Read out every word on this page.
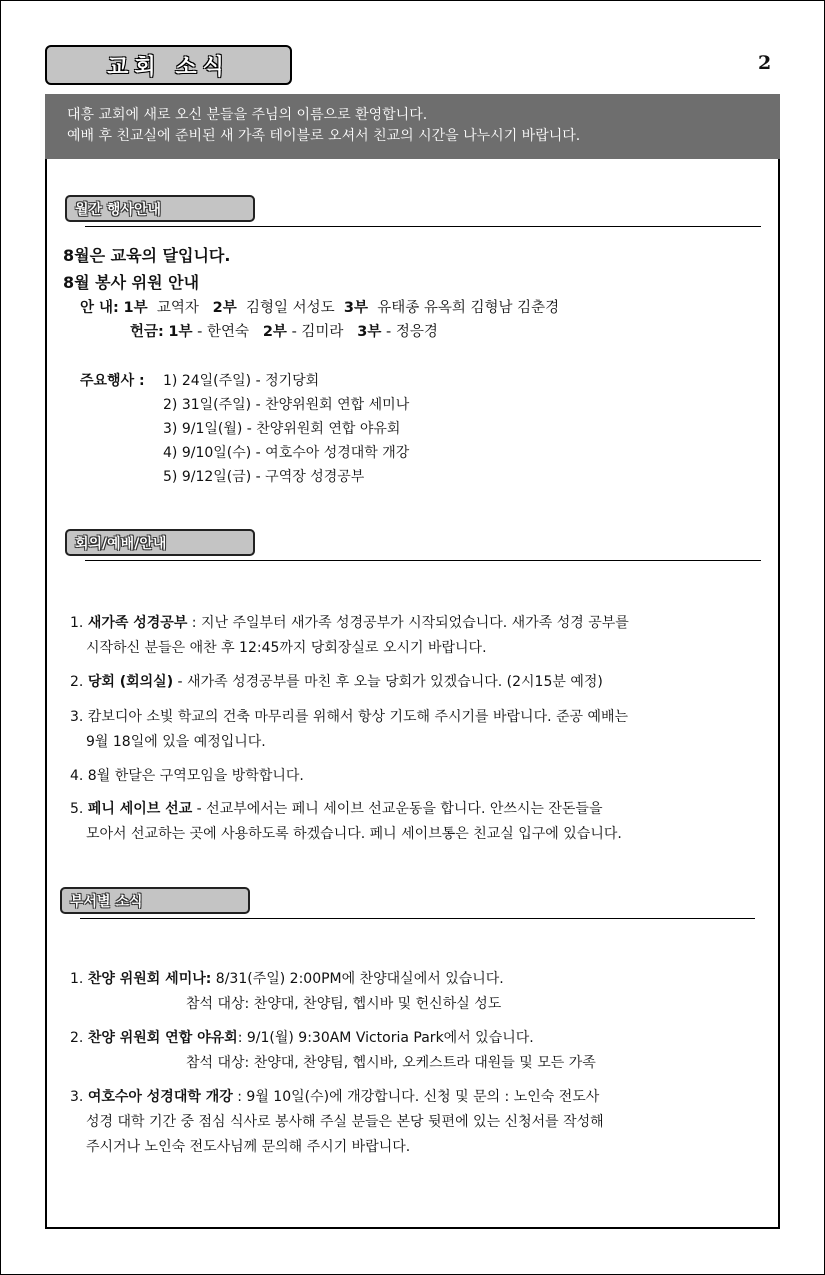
교회 소식	2
대흥 교회에 새로 오신 분들을 주님의 이름으로 환영합니다.
예배 후 친교실에 준비된 새 가족 테이블로 오셔서 친교의 시간을 나누시기 바랍니다.
월간 행사안내
8월은 교육의 달입니다.
8월 봉사 위원 안내
안 내: 1부 교역자 2부 김형일 서성도 3부 유태종 유옥희 김형남 김춘경
헌금: 1부 - 한연숙 2부 - 김미라 3부 - 정응경
주요행사 : 1) 24일(주일) - 정기당회
2) 31일(주일) - 찬양위원회 연합 세미나
3) 9/1일(월) - 찬양위원회 연합 야유회
4) 9/10일(수) - 여호수아 성경대학 개강
5) 9/12일(금) - 구역장 성경공부
회의/예배/안내
1. 새가족 성경공부 : 지난 주일부터 새가족 성경공부가 시작되었습니다. 새가족 성경 공부를
시작하신 분들은 애찬 후 12:45까지 당회장실로 오시기 바랍니다.
2. 당회 (회의실) - 새가족 성경공부를 마친 후 오늘 당회가 있겠습니다. (2시15분 예정)
3. 캄보디아 소빛 학교의 건축 마무리를 위해서 항상 기도해 주시기를 바랍니다. 준공 예배는
9월 18일에 있을 예정입니다.
4. 8월 한달은 구역모임을 방학합니다.
5. 페니 세이브 선교 - 선교부에서는 페니 세이브 선교운동을 합니다. 안쓰시는 잔돈들을
모아서 선교하는 곳에 사용하도록 하겠습니다. 페니 세이브통은 친교실 입구에 있습니다.
부서별 소식
1. 찬양 위원회 세미나: 8/31(주일) 2:00PM에 찬양대실에서 있습니다.
참석 대상: 찬양대, 찬양팀, 헵시바 및 헌신하실 성도
2. 찬양 위원회 연합 야유회: 9/1(월) 9:30AM Victoria Park에서 있습니다.
참석 대상: 찬양대, 찬양팀, 헵시바, 오케스트라 대원들 및 모든 가족
3. 여호수아 성경대학 개강 : 9월 10일(수)에 개강합니다. 신청 및 문의 : 노인숙 전도사
성경 대학 기간 중 점심 식사로 봉사해 주실 분들은 본당 뒷편에 있는 신청서를 작성해
주시거나 노인숙 전도사님께 문의해 주시기 바랍니다.
